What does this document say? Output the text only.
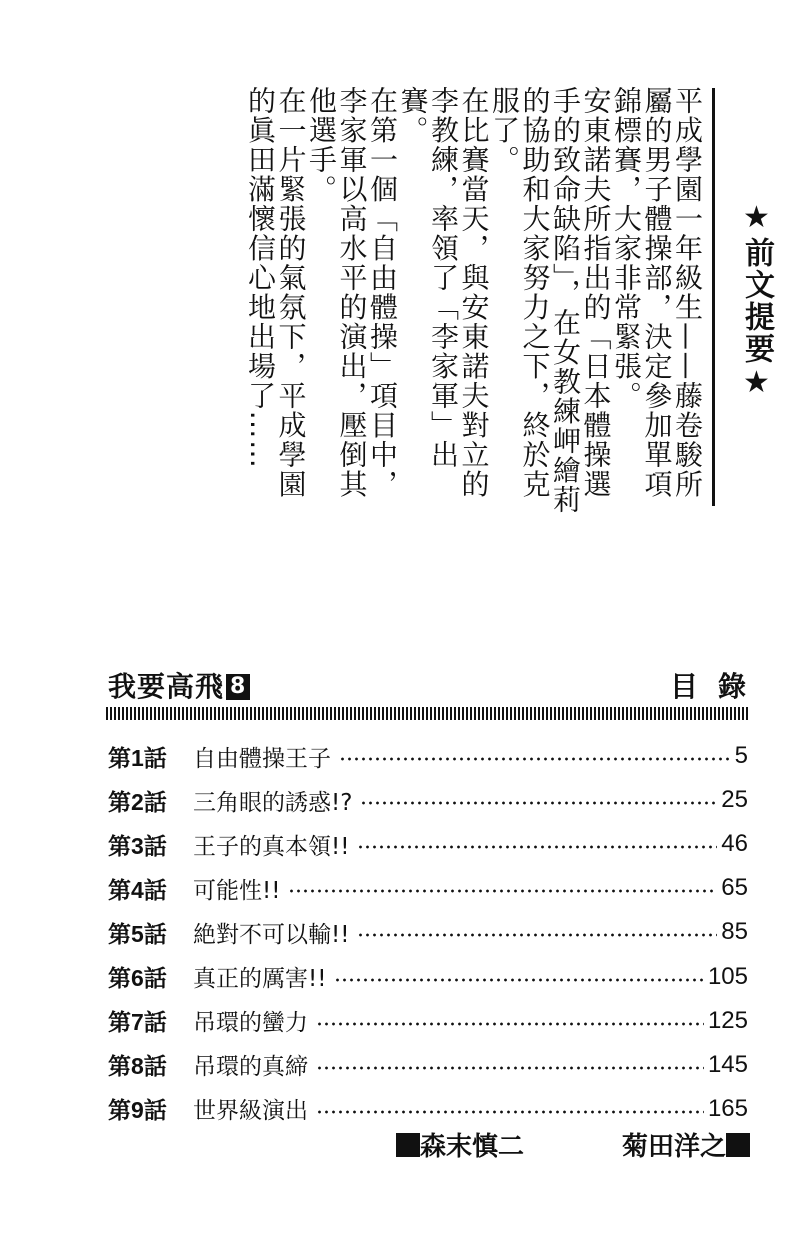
★前文提要★

平成學園一年級生——藤卷駿所屬的男子體操部，決定參加單項錦標賽，大家非常緊張。

安東諾夫所指出的「日本體操選手的致命缺陷」，在女教練岬繪莉的協助和大家努力之下，終於克服了。

在比賽當天，與安東諾夫對立的李教練，率領了「李家軍」出賽。

在第一個「自由體操」項目中，李家軍以高水平的演出，壓倒其他選手。

在一片緊張的氣氛下，平成學園的眞田滿懷信心地出場了……

我要高飛 8	目錄
第1話	自由體操王子	5
第2話	三角眼的誘惑!?	25
第3話	王子的真本領!!	46
第4話	可能性!!	65
第5話	絶對不可以輸!!	85
第6話	真正的厲害!!	105
第7話	吊環的蠻力	125
第8話	吊環的真締	145
第9話	世界級演出	165
森末慎二	菊田洋之
